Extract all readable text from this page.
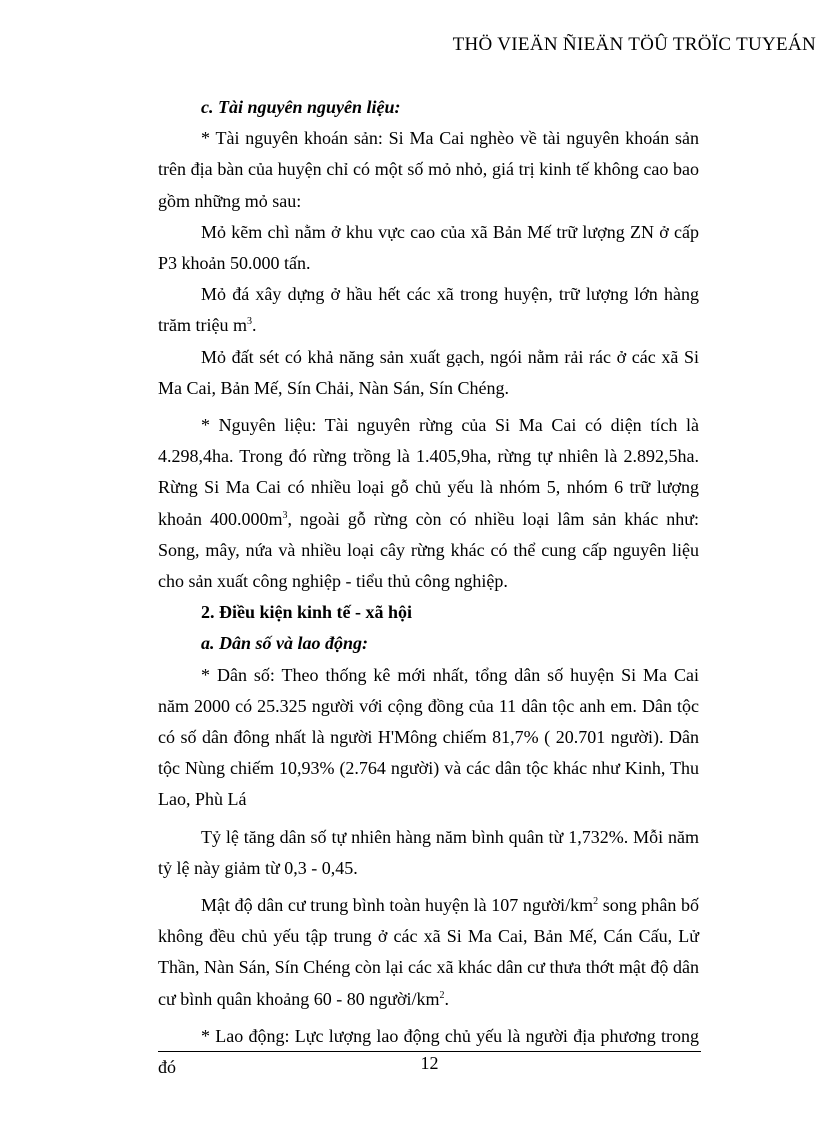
THÖ VIEÄN ÑIEÄN TÖÛ TRÖÏC TUYEÁN

c. Tài nguyên nguyên liệu:

* Tài nguyên khoán sản: Si Ma Cai nghèo về tài nguyên khoán sản trên địa bàn của huyện chỉ có một số mỏ nhỏ, giá trị kinh tế không cao bao gồm những mỏ sau:

Mỏ kẽm chì nằm ở khu vực cao của xã Bản Mế trữ lượng ZN ở cấp P3 khoản 50.000 tấn.

Mỏ đá xây dựng ở hầu hết các xã trong huyện, trữ lượng lớn hàng trăm triệu $m^3$.

Mỏ đất sét có khả năng sản xuất gạch, ngói nằm rải rác ở các xã Si Ma Cai, Bản Mế, Sín Chải, Nàn Sán, Sín Chéng.

* Nguyên liệu: Tài nguyên rừng của Si Ma Cai có diện tích là 4.298,4ha. Trong đó rừng trồng là 1.405,9ha, rừng tự nhiên là 2.892,5ha. Rừng Si Ma Cai có nhiều loại gỗ chủ yếu là nhóm 5, nhóm 6 trữ lượng khoản $400.000m^3$, ngoài gỗ rừng còn có nhiều loại lâm sản khác như: Song, mây, nứa và nhiều loại cây rừng khác có thể cung cấp nguyên liệu cho sản xuất công nghiệp - tiểu thủ công nghiệp.

2. Điều kiện kinh tế - xã hội

a. Dân số và lao động:

* Dân số: Theo thống kê mới nhất, tổng dân số huyện Si Ma Cai năm 2000 có 25.325 người với cộng đồng của 11 dân tộc anh em. Dân tộc có số dân đông nhất là người H'Mông chiếm 81,7% ( 20.701 người). Dân tộc Nùng chiếm 10,93% (2.764 người) và các dân tộc khác như Kinh, Thu Lao, Phù Lá

Tỷ lệ tăng dân số tự nhiên hàng năm bình quân từ 1,732%. Mỗi năm tỷ lệ này giảm từ 0,3 - 0,45.

Mật độ dân cư trung bình toàn huyện là 107 người/$km^2$ song phân bố không đều chủ yếu tập trung ở các xã Si Ma Cai, Bản Mế, Cán Cấu, Lử Thần, Nàn Sán, Sín Chéng còn lại các xã khác dân cư thưa thớt mật độ dân cư bình quân khoảng 60 - 80 người/$km^2$.

* Lao động: Lực lượng lao động chủ yếu là người địa phương trong đó	12
